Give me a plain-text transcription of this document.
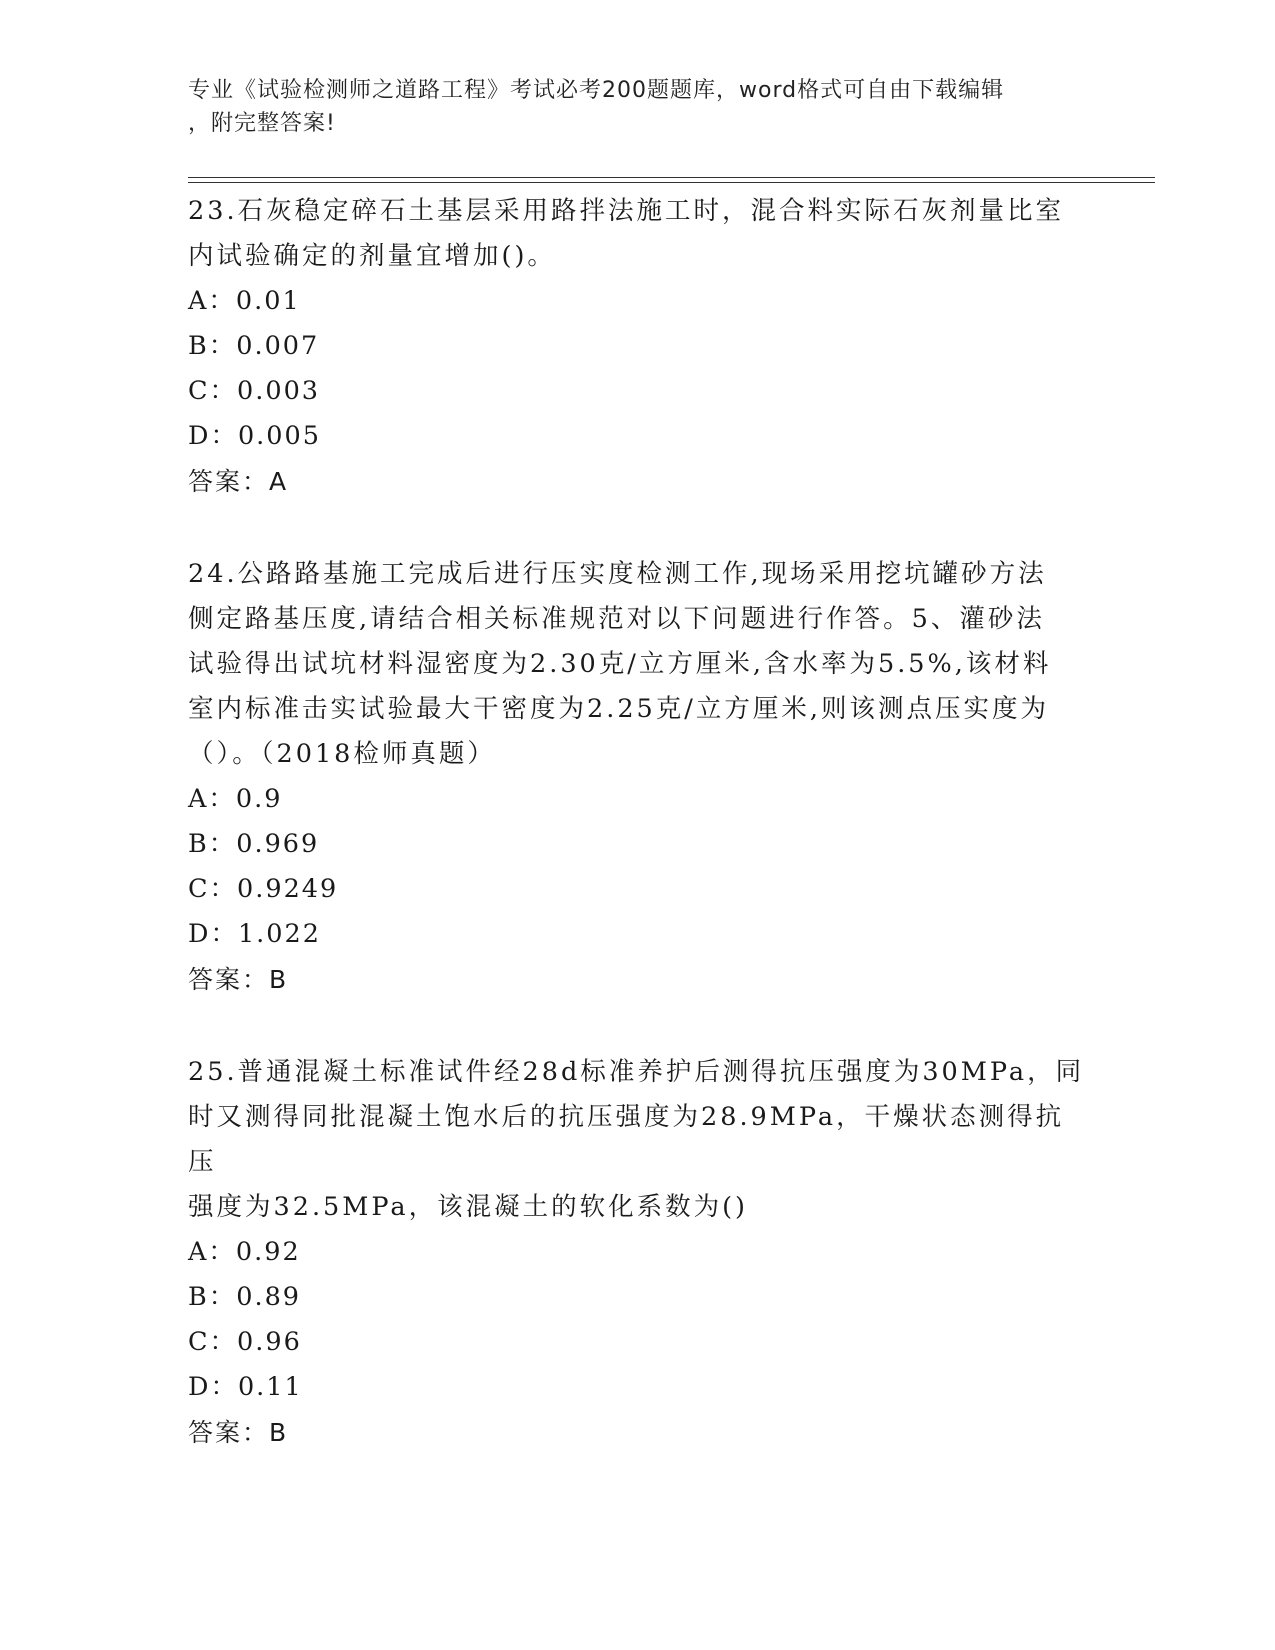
专业《试验检测师之道路工程》考试必考200题题库，word格式可自由下载编辑
，附完整答案!
23.石灰稳定碎石土基层采用路拌法施工时，混合料实际石灰剂量比室
内试验确定的剂量宜增加()。
A：0.01
B：0.007
C：0.003
D：0.005
答案：A
24.公路路基施工完成后进行压实度检测工作,现场采用挖坑罐砂方法
侧定路基压度,请结合相关标准规范对以下问题进行作答。5、灌砂法
试验得出试坑材料湿密度为2.30克/立方厘米,含水率为5.5%,该材料
室内标准击实试验最大干密度为2.25克/立方厘米,则该测点压实度为
（）。（2018检师真题）
A：0.9
B：0.969
C：0.9249
D：1.022
答案：B
25.普通混凝土标准试件经28d标准养护后测得抗压强度为30MPa，同
时又测得同批混凝土饱水后的抗压强度为28.9MPa，干燥状态测得抗压
强度为32.5MPa，该混凝土的软化系数为()
A：0.92
B：0.89
C：0.96
D：0.11
答案：B
